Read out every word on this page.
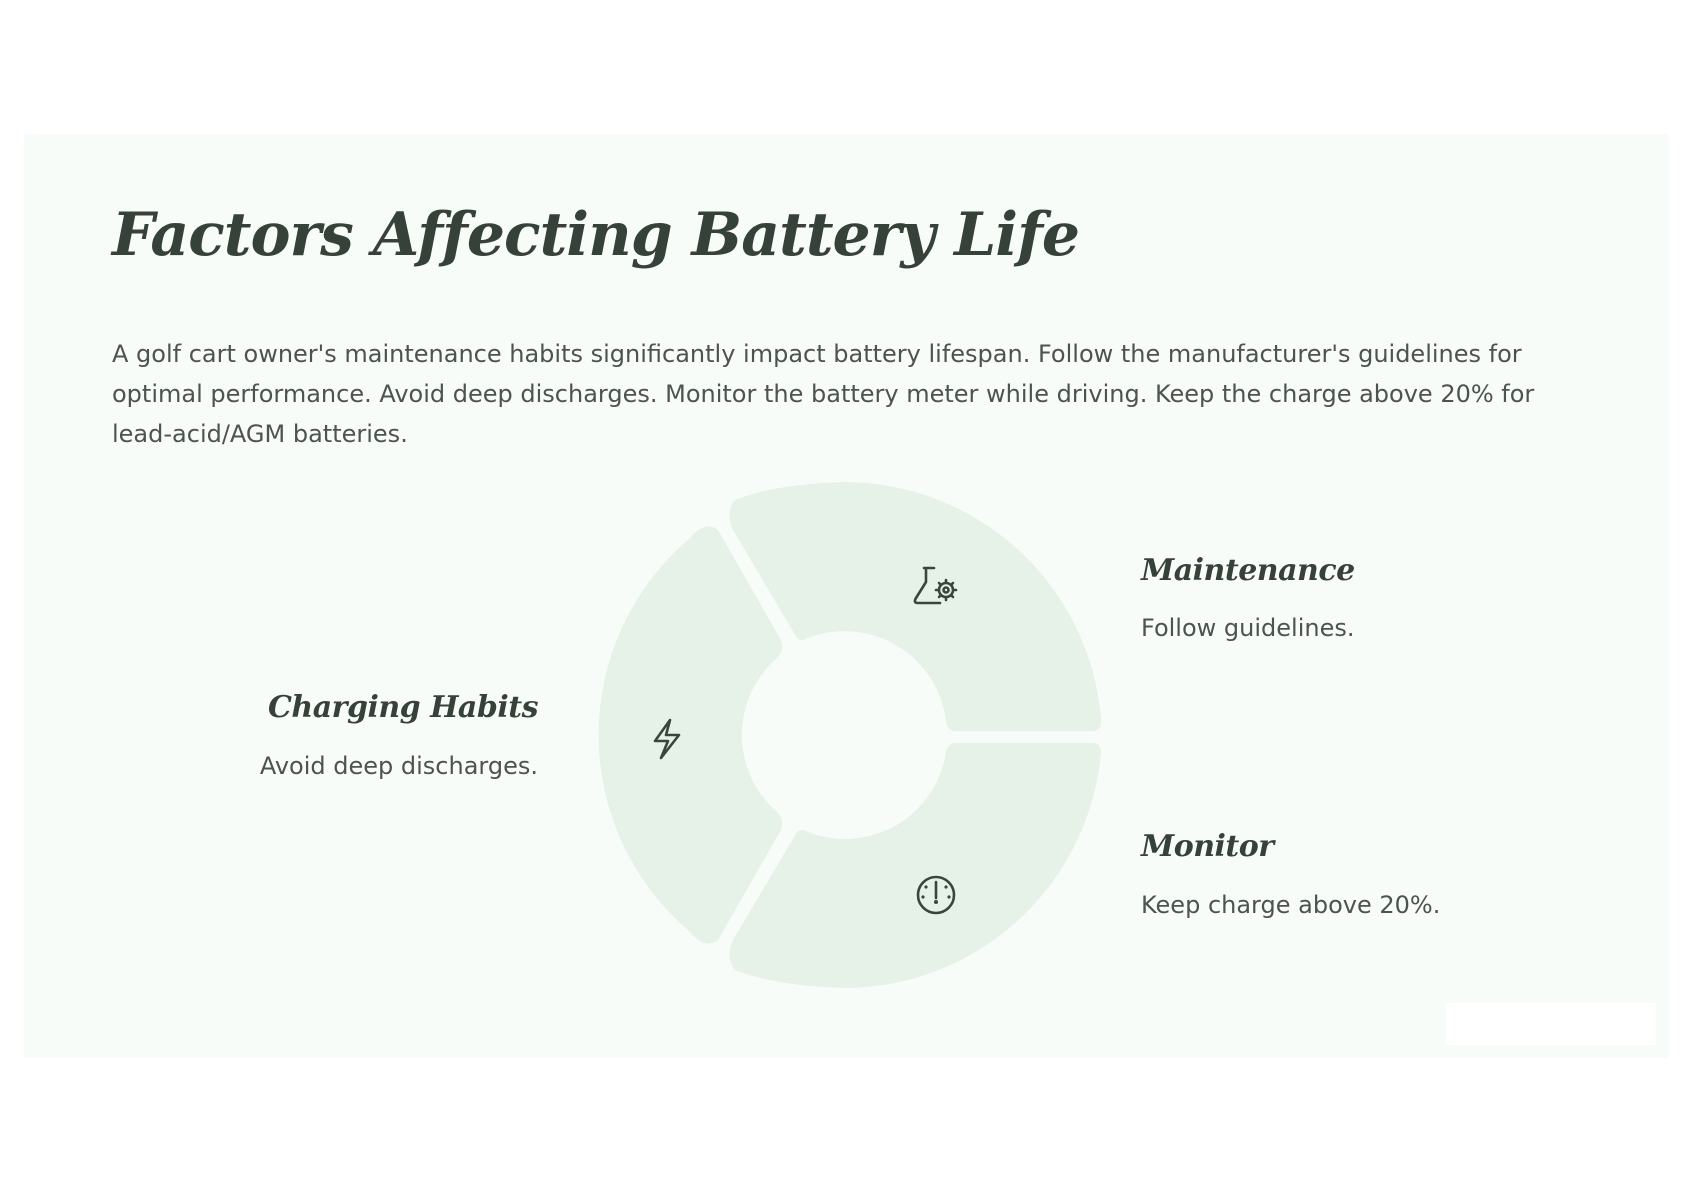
Factors Affecting Battery Life

A golf cart owner's maintenance habits significantly impact battery lifespan. Follow the manufacturer's guidelines for optimal performance. Avoid deep discharges. Monitor the battery meter while driving. Keep the charge above 20% for lead-acid/AGM batteries.

Maintenance

Follow guidelines.

Charging Habits

Avoid deep discharges.

Monitor

Keep charge above 20%.
